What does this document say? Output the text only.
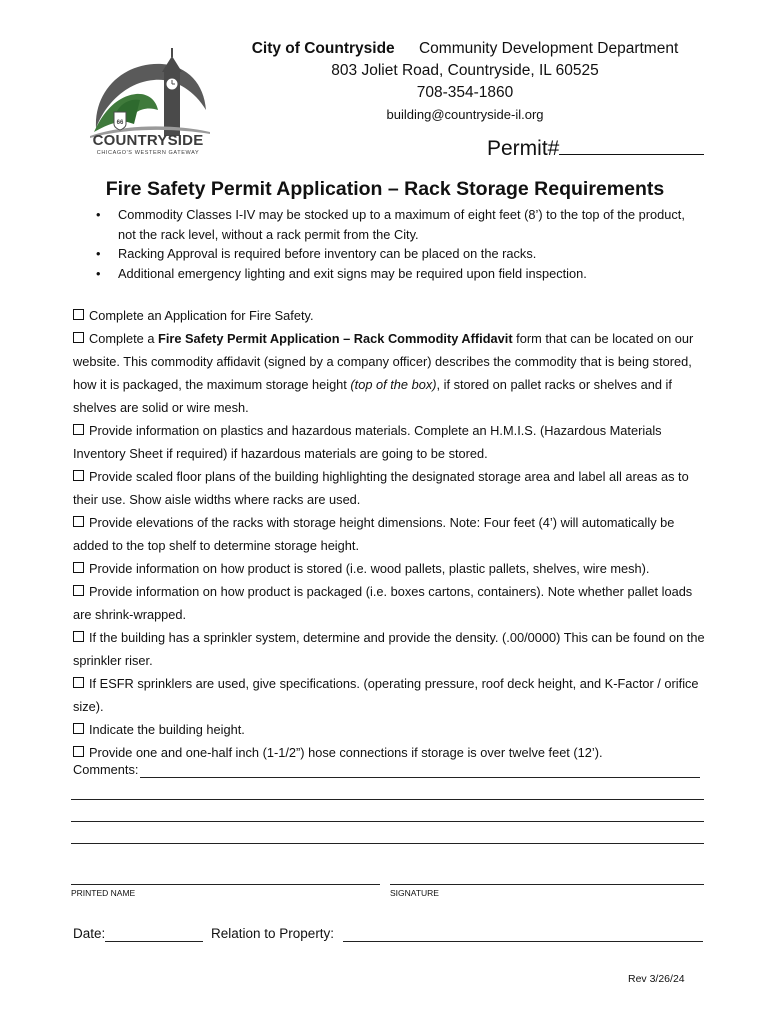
66
COUNTRYSIDE
CHICAGO'S WESTERN GATEWAY
City of Countryside Community Development Department
803 Joliet Road, Countryside, IL 60525
708-354-1860
building@countryside-il.org
Permit#
Fire Safety Permit Application – Rack Storage Requirements
• Commodity Classes I-IV may be stocked up to a maximum of eight feet (8’) to the top of the product, not the rack level, without a rack permit from the City.
• Racking Approval is required before inventory can be placed on the racks.
• Additional emergency lighting and exit signs may be required upon field inspection.

Complete an Application for Fire Safety.

Complete a Fire Safety Permit Application – Rack Commodity Affidavit form that can be located on our website. This commodity affidavit (signed by a company officer) describes the commodity that is being stored, how it is packaged, the maximum storage height (top of the box), if stored on pallet racks or shelves and if shelves are solid or wire mesh.

Provide information on plastics and hazardous materials. Complete an H.M.I.S. (Hazardous Materials Inventory Sheet if required) if hazardous materials are going to be stored.

Provide scaled floor plans of the building highlighting the designated storage area and label all areas as to their use. Show aisle widths where racks are used.

Provide elevations of the racks with storage height dimensions. Note: Four feet (4’) will automatically be added to the top shelf to determine storage height.

Provide information on how product is stored (i.e. wood pallets, plastic pallets, shelves, wire mesh).

Provide information on how product is packaged (i.e. boxes cartons, containers). Note whether pallet loads are shrink-wrapped.

If the building has a sprinkler system, determine and provide the density. (.00/0000) This can be found on the sprinkler riser.

If ESFR sprinklers are used, give specifications. (operating pressure, roof deck height, and K-Factor / orifice size).

Indicate the building height.

Provide one and one-half inch (1-1/2”) hose connections if storage is over twelve feet (12’).

Comments:
PRINTED NAME	SIGNATURE
Date:	Relation to Property:
Rev 3/26/24
